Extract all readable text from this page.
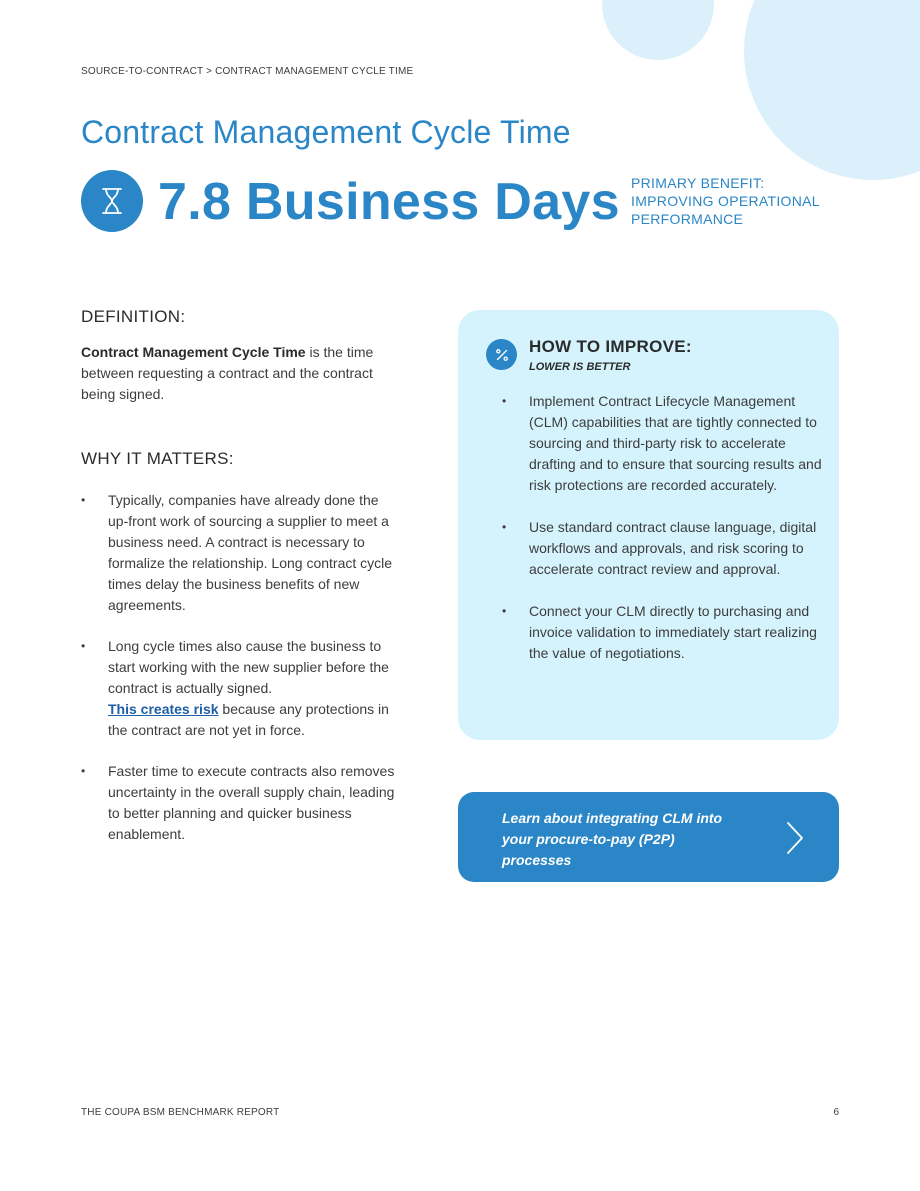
SOURCE-TO-CONTRACT > CONTRACT MANAGEMENT CYCLE TIME
Contract Management Cycle Time
7.8 Business Days PRIMARY BENEFIT:
IMPROVING OPERATIONAL
PERFORMANCE
DEFINITION:
Contract Management Cycle Time is the time between requesting a contract and the contract being signed.
WHY IT MATTERS:
• Typically, companies have already done the up-front work of sourcing a supplier to meet a business need. A contract is necessary to formalize the relationship. Long contract cycle times delay the business benefits of new agreements.
• Long cycle times also cause the business to start working with the new supplier before the contract is actually signed.
This creates risk because any protections in the contract are not yet in force.
• Faster time to execute contracts also removes uncertainty in the overall supply chain, leading to better planning and quicker business enablement.
HOW TO IMPROVE:
LOWER IS BETTER
• Implement Contract Lifecycle Management (CLM) capabilities that are tightly connected to sourcing and third-party risk to accelerate drafting and to ensure that sourcing results and risk protections are recorded accurately.
• Use standard contract clause language, digital workflows and approvals, and risk scoring to accelerate contract review and approval.
• Connect your CLM directly to purchasing and invoice validation to immediately start realizing the value of negotiations.
Learn about integrating CLM into your procure-to-pay (P2P) processes
THE COUPA BSM BENCHMARK REPORT	6
